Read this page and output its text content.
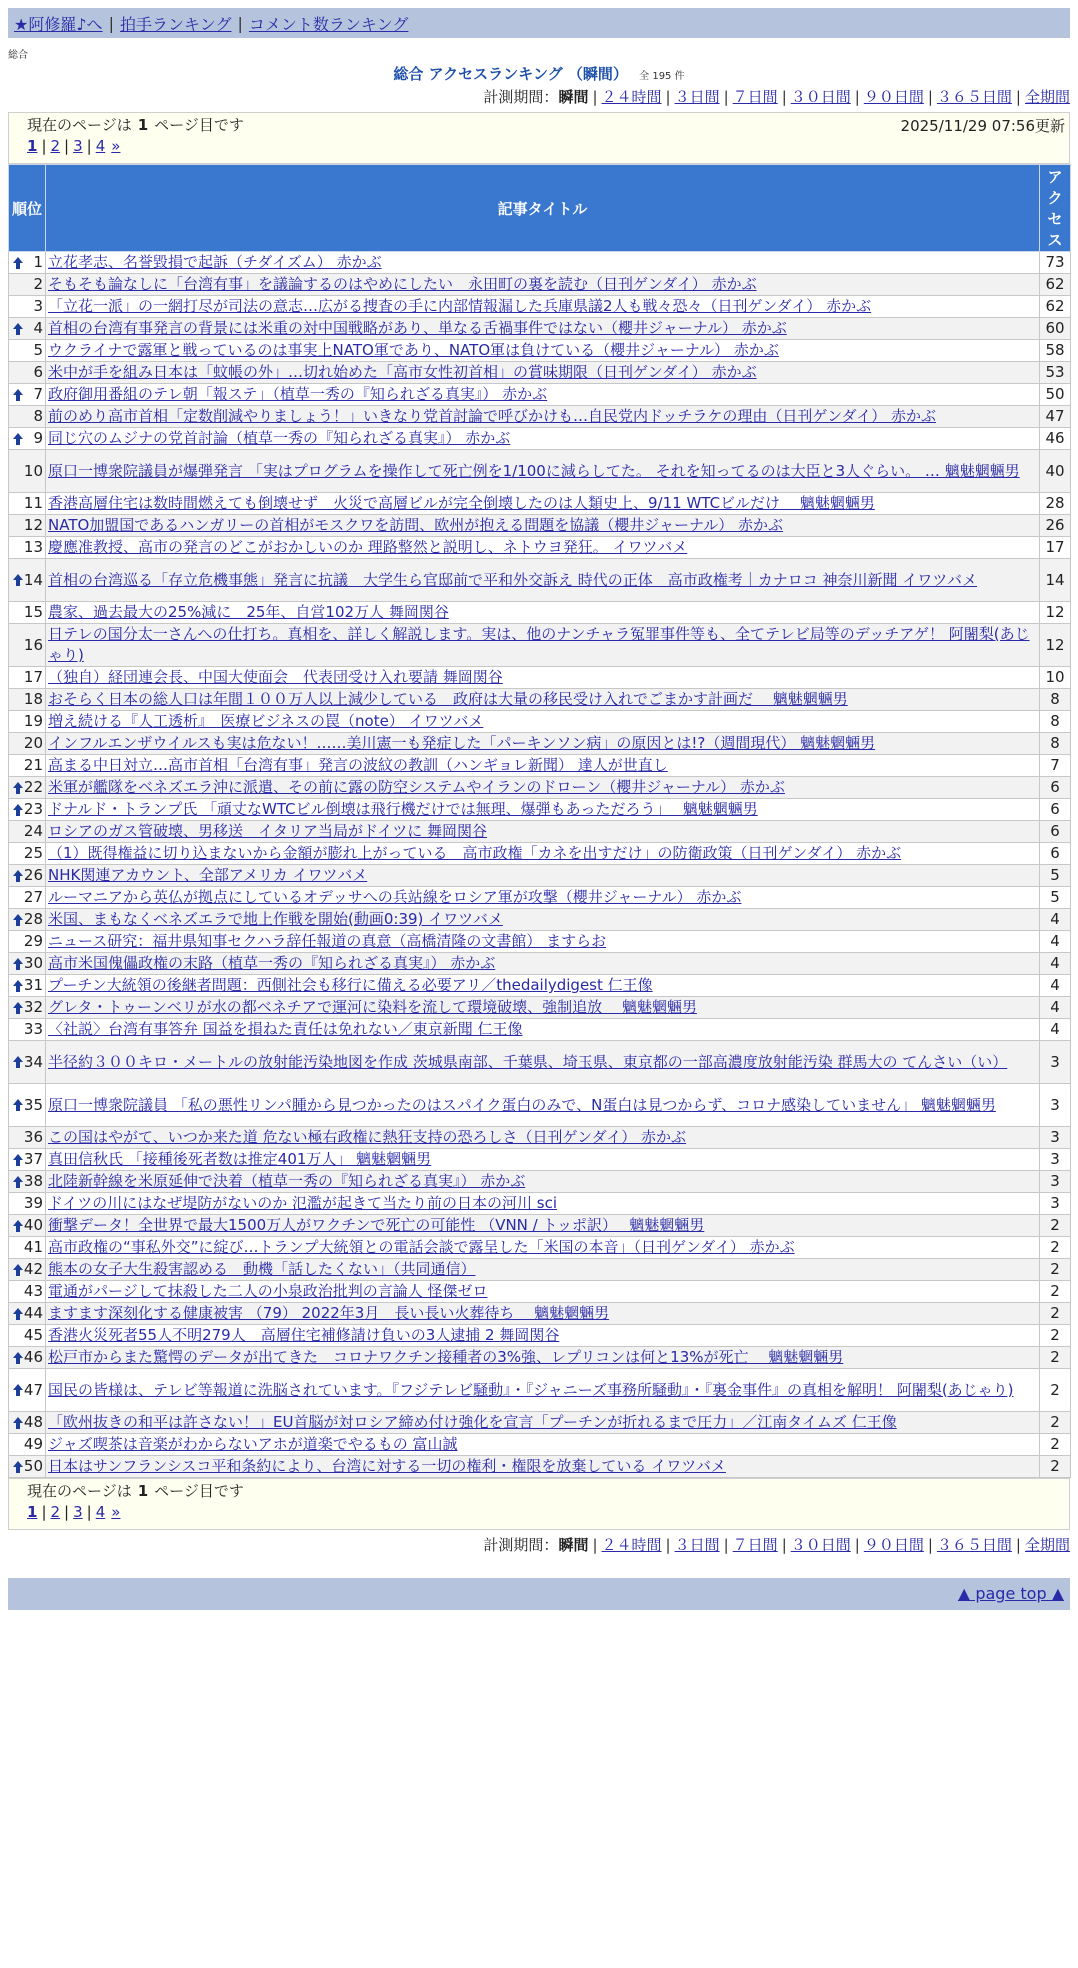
★阿修羅♪へ | 拍手ランキング | コメント数ランキング
総合
総合 アクセスランキング （瞬間） 全 195 件
計測期間：瞬間 | ２４時間 | ３日間 | ７日間 | ３０日間 | ９０日間 | ３６５日間 | 全期間
現在のページは 1 ページ目です	2025/11/29 07:56更新
1 | 2 | 3 | 4 »
順位	記事タイトル	アクセス

1	立花孝志、名誉毀損で起訴（チダイズム） 赤かぶ	73
2	そもそも論なしに「台湾有事」を議論するのはやめにしたい　永田町の裏を読む（日刊ゲンダイ） 赤かぶ	62
3	「立花一派」の一網打尽が司法の意志…広がる捜査の手に内部情報漏した兵庫県議2人も戦々恐々（日刊ゲンダイ） 赤かぶ	62

4	首相の台湾有事発言の背景には米重の対中国戦略があり、単なる舌禍事件ではない（櫻井ジャーナル） 赤かぶ	60
5	ウクライナで露軍と戦っているのは事実上NATO軍であり、NATO軍は負けている（櫻井ジャーナル） 赤かぶ	58
6	米中が手を組み日本は「蚊帳の外」…切れ始めた「高市女性初首相」の賞味期限（日刊ゲンダイ） 赤かぶ	53

7	政府御用番組のテレ朝「報ステ」（植草一秀の『知られざる真実』） 赤かぶ	50
8	前のめり高市首相「定数削減やりましょう！」いきなり党首討論で呼びかけも…自民党内ドッチラケの理由（日刊ゲンダイ） 赤かぶ	47

9	同じ穴のムジナの党首討論（植草一秀の『知られざる真実』） 赤かぶ	46
10	原口一博衆院議員が爆弾発言 「実はプログラムを操作して死亡例を1/100に減らしてた。 それを知ってるのは大臣と3人ぐらい。 … 魑魅魍魎男	40
11	香港高層住宅は数時間燃えても倒壊せず　火災で高層ビルが完全倒壊したのは人類史上、9/11 WTCビルだけ　 魑魅魍魎男	28
12	NATO加盟国であるハンガリーの首相がモスクワを訪問、欧州が抱える問題を協議（櫻井ジャーナル） 赤かぶ	26
13	慶應准教授、高市の発言のどこがおかしいのか 理路整然と説明し、ネトウヨ発狂。 イワツバメ	17

14	首相の台湾巡る「存立危機事態」発言に抗議　大学生ら官邸前で平和外交訴え 時代の正体　高市政権考｜カナロコ 神奈川新聞 イワツバメ	14
15	農家、過去最大の25%減に　25年、自営102万人 舞岡関谷	12
16	日テレの国分太一さんへの仕打ち。真相を、詳しく解説します。実は、他のナンチャラ冤罪事件等も、全てテレビ局等のデッチアゲ！ 阿闍梨(あじゃり)	12
17	（独自）経団連会長、中国大使面会　代表団受け入れ要請 舞岡関谷	10
18	おそらく日本の総人口は年間１００万人以上減少している　政府は大量の移民受け入れでごまかす計画だ　 魑魅魍魎男	8
19	増え続ける『人工透析』　医療ビジネスの罠（note） イワツバメ	8
20	インフルエンザウイルスも実は危ない！……美川憲一も発症した「パーキンソン病」の原因とは!?（週間現代） 魑魅魍魎男	8
21	高まる中日対立…高市首相「台湾有事」発言の波紋の教訓（ハンギョレ新聞） 達人が世直し	7

22	米軍が艦隊をベネズエラ沖に派遣、その前に露の防空システムやイランのドローン（櫻井ジャーナル） 赤かぶ	6

23	ドナルド・トランプ氏 「頑丈なWTCビル倒壊は飛行機だけでは無理、爆弾もあっただろう」　 魑魅魍魎男	6
24	ロシアのガス管破壊、男移送　イタリア当局がドイツに 舞岡関谷	6
25	（1）既得権益に切り込まないから金額が膨れ上がっている　高市政権「カネを出すだけ」の防衛政策（日刊ゲンダイ） 赤かぶ	6

26	NHK関連アカウント、全部アメリカ イワツバメ	5
27	ルーマニアから英仏が拠点にしているオデッサへの兵站線をロシア軍が攻撃（櫻井ジャーナル） 赤かぶ	5

28	米国、まもなくベネズエラで地上作戦を開始(動画0:39) イワツバメ	4
29	ニュース研究：福井県知事セクハラ辞任報道の真意（高橋清隆の文書館） ますらお	4

30	高市米国傀儡政権の末路（植草一秀の『知られざる真実』） 赤かぶ	4

31	プーチン大統領の後継者問題：西側社会も移行に備える必要アリ／thedailydigest 仁王像	4

32	グレタ・トゥーンベリが水の都ベネチアで運河に染料を流して環境破壊、強制追放　 魑魅魍魎男	4
33	〈社説〉台湾有事答弁 国益を損ねた責任は免れない／東京新聞 仁王像	4

34	半径約３００キロ・メートルの放射能汚染地図を作成 茨城県南部、千葉県、埼玉県、東京都の一部高濃度放射能汚染 群馬大の てんさい（い）	3

35	原口一博衆院議員 「私の悪性リンパ腫から見つかったのはスパイク蛋白のみで、N蛋白は見つからず、コロナ感染していません」 魑魅魍魎男	3
36	この国はやがて、いつか来た道 危ない極右政権に熱狂支持の恐ろしさ（日刊ゲンダイ） 赤かぶ	3

37	真田信秋氏 「接種後死者数は推定401万人」 魑魅魍魎男	3

38	北陸新幹線を米原延伸で決着（植草一秀の『知られざる真実』） 赤かぶ	3
39	ドイツの川にはなぜ堤防がないのか 氾濫が起きて当たり前の日本の河川 sci	3

40	衝撃データ！全世界で最大1500万人がワクチンで死亡の可能性 （VNN / トッポ訳）　 魑魅魍魎男	2
41	高市政権の“事私外交”に綻び…トランプ大統領との電話会談で露呈した「米国の本音」（日刊ゲンダイ） 赤かぶ	2

42	熊本の女子大生殺害認める　動機「話したくない」（共同通信）	2
43	電通がパージして抹殺した二人の小泉政治批判の言論人 怪傑ゼロ	2

44	ますます深刻化する健康被害 （79） 2022年3月　長い長い火葬待ち　 魑魅魍魎男	2
45	香港火災死者55人不明279人　高層住宅補修請け負いの3人逮捕 2 舞岡関谷	2

46	松戸市からまた驚愕のデータが出てきた　コロナワクチン接種者の3%強、レプリコンは何と13%が死亡　 魑魅魍魎男	2

47	国民の皆様は、テレビ等報道に洗脳されています。『フジテレビ騒動』・『ジャニーズ事務所騒動』・『裏金事件』の真相を解明！ 阿闍梨(あじゃり)	2

48	「欧州抜きの和平は許さない！」EU首脳が対ロシア締め付け強化を宣言「プーチンが折れるまで圧力」／江南タイムズ 仁王像	2
49	ジャズ喫茶は音楽がわからないアホが道楽でやるもの 富山誠	2

50	日本はサンフランシスコ平和条約により、台湾に対する一切の権利・権限を放棄している イワツバメ	2
現在のページは 1 ページ目です
1 | 2 | 3 | 4 »
計測期間：瞬間 | ２４時間 | ３日間 | ７日間 | ３０日間 | ９０日間 | ３６５日間 | 全期間
▲ page top ▲
